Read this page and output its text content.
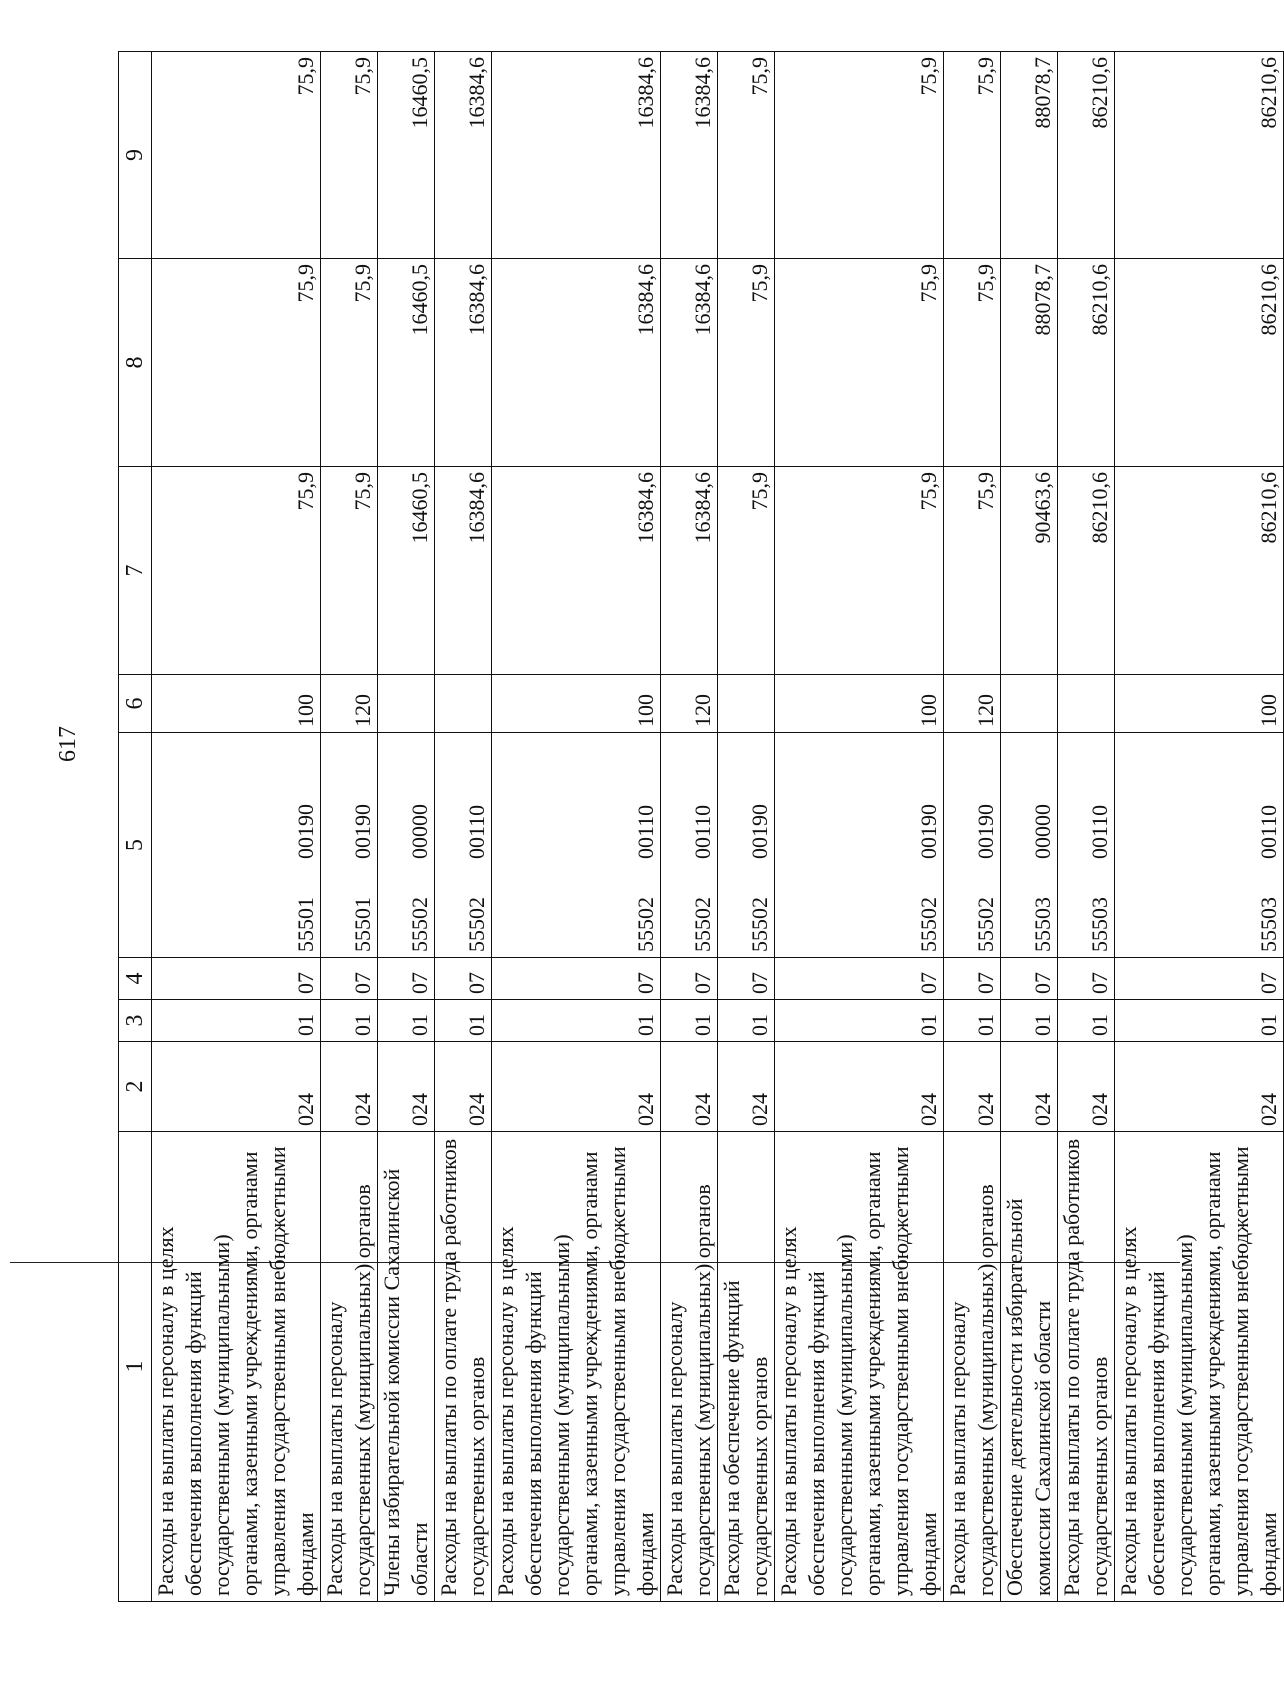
617
1	2	3	4	5	6	7	8	9
Расходы на выплаты персоналу в целях обеспечения выполнения функций государственными (муниципальными) органами, казенными учреждениями, органами управления государственными внебюджетными фондами	024	01	07	5550100190	100	75,9	75,9	75,9
Расходы на выплаты персоналу государственных (муниципальных) органов	024	01	07	5550100190	120	75,9	75,9	75,9
Члены избирательной комиссии Сахалинской области	024	01	07	5550200000		16460,5	16460,5	16460,5
Расходы на выплаты по оплате труда работников государственных органов	024	01	07	5550200110		16384,6	16384,6	16384,6
Расходы на выплаты персоналу в целях обеспечения выполнения функций государственными (муниципальными) органами, казенными учреждениями, органами управления государственными внебюджетными фондами	024	01	07	5550200110	100	16384,6	16384,6	16384,6
Расходы на выплаты персоналу государственных (муниципальных) органов	024	01	07	5550200110	120	16384,6	16384,6	16384,6
Расходы на обеспечение функций государственных органов	024	01	07	5550200190		75,9	75,9	75,9
Расходы на выплаты персоналу в целях обеспечения выполнения функций государственными (муниципальными) органами, казенными учреждениями, органами управления государственными внебюджетными фондами	024	01	07	5550200190	100	75,9	75,9	75,9
Расходы на выплаты персоналу государственных (муниципальных) органов	024	01	07	5550200190	120	75,9	75,9	75,9
Обеспечение деятельности избирательной комиссии Сахалинской области	024	01	07	5550300000		90463,6	88078,7	88078,7
Расходы на выплаты по оплате труда работников государственных органов	024	01	07	5550300110		86210,6	86210,6	86210,6
Расходы на выплаты персоналу в целях обеспечения выполнения функций государственными (муниципальными) органами, казенными учреждениями, органами управления государственными внебюджетными фондами	024	01	07	5550300110	100	86210,6	86210,6	86210,6
